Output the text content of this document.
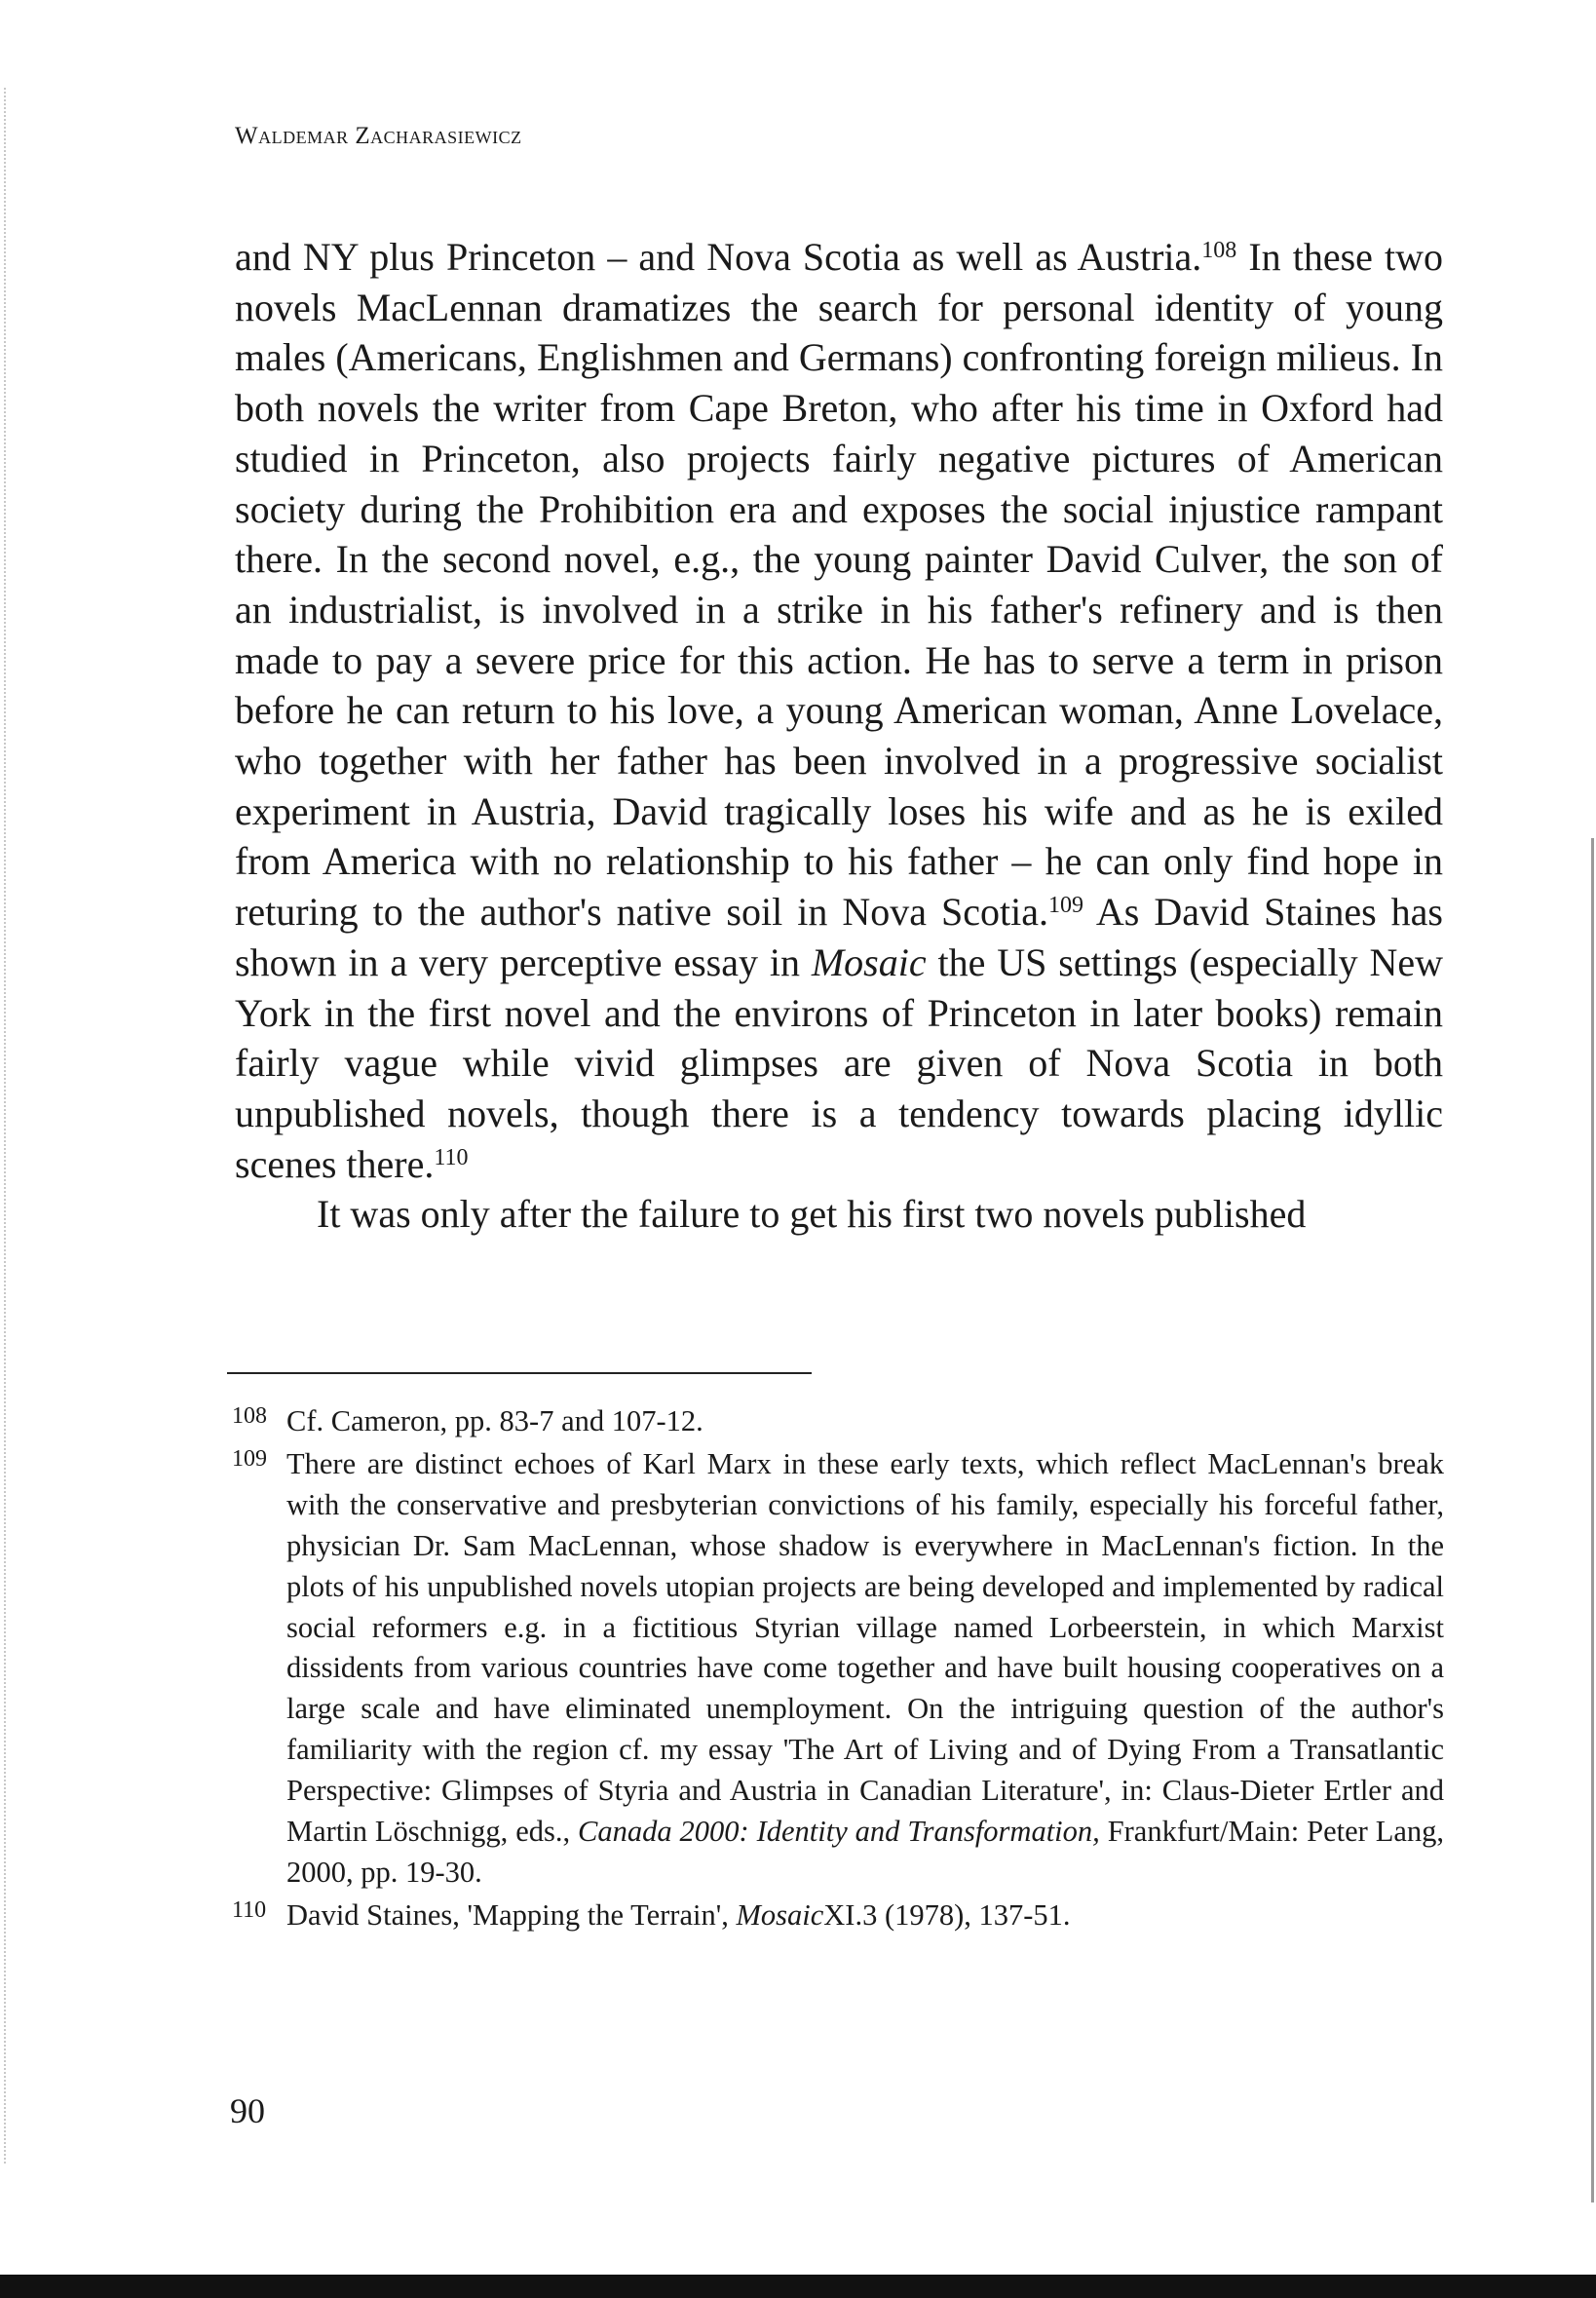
Waldemar Zacharasiewicz

and NY plus Princeton – and Nova Scotia as well as Austria.$^{108}$ In these two novels MacLennan dramatizes the search for personal identity of young males (Americans, Englishmen and Germans) confronting foreign milieus. In both novels the writer from Cape Breton, who after his time in Oxford had studied in Princeton, also projects fairly negative pictures of American society during the Prohibition era and exposes the social injustice rampant there. In the second novel, e.g., the young painter David Culver, the son of an industrialist, is involved in a strike in his father's refinery and is then made to pay a severe price for this action. He has to serve a term in prison before he can return to his love, a young American woman, Anne Lovelace, who together with her father has been involved in a progressive socialist experiment in Austria, David tragically loses his wife and as he is exiled from America with no relationship to his father – he can only find hope in returing to the author's native soil in Nova Scotia.$^{109}$ As David Staines has shown in a very perceptive essay in Mosaic the US settings (especially New York in the first novel and the environs of Princeton in later books) remain fairly vague while vivid glimpses are given of Nova Scotia in both unpublished novels, though there is a tendency towards placing idyllic scenes there.$^{110}$

It was only after the failure to get his first two novels published

108 Cf. Cameron, pp. 83-7 and 107-12.
109 There are distinct echoes of Karl Marx in these early texts, which reflect MacLennan's break with the conservative and presbyterian convictions of his family, especially his forceful father, physician Dr. Sam MacLennan, whose shadow is everywhere in MacLennan's fiction. In the plots of his unpublished novels utopian projects are being developed and implemented by radical social reformers e.g. in a fictitious Styrian village named Lorbeerstein, in which Marxist dissidents from various countries have come together and have built housing cooperatives on a large scale and have eliminated unemployment. On the intriguing question of the author's familiarity with the region cf. my essay 'The Art of Living and of Dying From a Transatlantic Perspective: Glimpses of Styria and Austria in Canadian Literature', in: Claus-Dieter Ertler and Martin Löschnigg, eds., Canada 2000: Identity and Transformation, Frankfurt/Main: Peter Lang, 2000, pp. 19-30.
110 David Staines, 'Mapping the Terrain', MosaicXI.3 (1978), 137-51.
90
